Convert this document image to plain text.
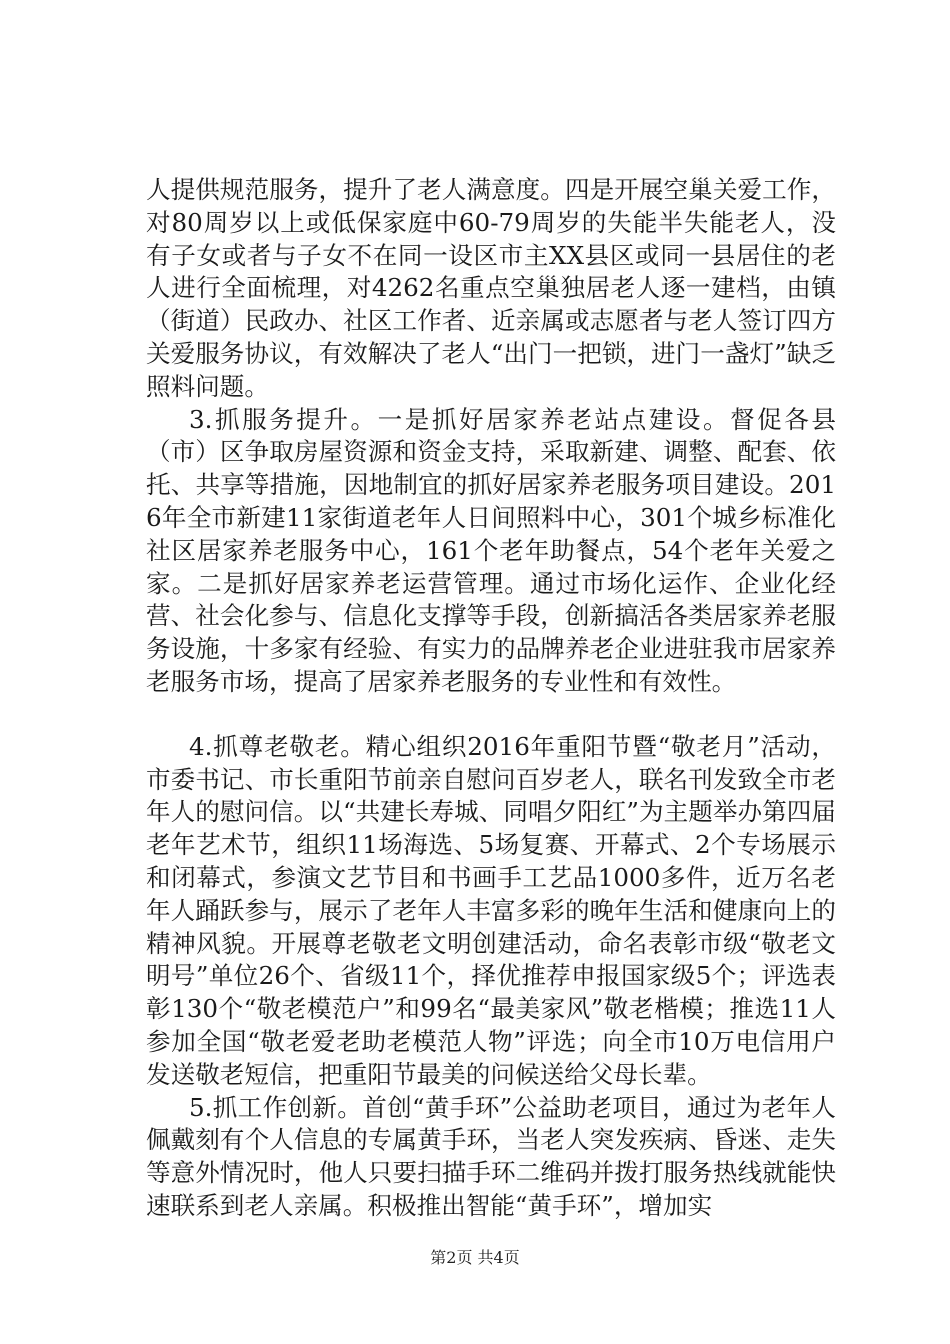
人提供规范服务，提升了老人满意度。四是开展空巢关爱工作，对80周岁以上或低保家庭中60-79周岁的失能半失能老人，没有子女或者与子女不在同一设区市主XX县区或同一县居住的老人进行全面梳理，对4262名重点空巢独居老人逐一建档，由镇（街道）民政办、社区工作者、近亲属或志愿者与老人签订四方关爱服务协议，有效解决了老人“出门一把锁，进门一盏灯”缺乏照料问题。

3.抓服务提升。一是抓好居家养老站点建设。督促各县（市）区争取房屋资源和资金支持，采取新建、调整、配套、依托、共享等措施，因地制宜的抓好居家养老服务项目建设。2016年全市新建11家街道老年人日间照料中心，301个城乡标准化社区居家养老服务中心，161个老年助餐点，54个老年关爱之家。二是抓好居家养老运营管理。通过市场化运作、企业化经营、社会化参与、信息化支撑等手段，创新搞活各类居家养老服务设施，十多家有经验、有实力的品牌养老企业进驻我市居家养老服务市场，提高了居家养老服务的专业性和有效性。

4.抓尊老敬老。精心组织2016年重阳节暨“敬老月”活动，市委书记、市长重阳节前亲自慰问百岁老人，联名刊发致全市老年人的慰问信。以“共建长寿城、同唱夕阳红”为主题举办第四届老年艺术节，组织11场海选、5场复赛、开幕式、2个专场展示和闭幕式，参演文艺节目和书画手工艺品1000多件，近万名老年人踊跃参与，展示了老年人丰富多彩的晚年生活和健康向上的精神风貌。开展尊老敬老文明创建活动，命名表彰市级“敬老文明号”单位26个、省级11个，择优推荐申报国家级5个；评选表彰130个“敬老模范户”和99名“最美家风”敬老楷模；推选11人参加全国“敬老爱老助老模范人物”评选；向全市10万电信用户发送敬老短信，把重阳节最美的问候送给父母长辈。

5.抓工作创新。首创“黄手环”公益助老项目，通过为老年人佩戴刻有个人信息的专属黄手环，当老人突发疾病、昏迷、走失等意外情况时，他人只要扫描手环二维码并拨打服务热线就能快速联系到老人亲属。积极推出智能“黄手环”，增加实

第2页 共4页
